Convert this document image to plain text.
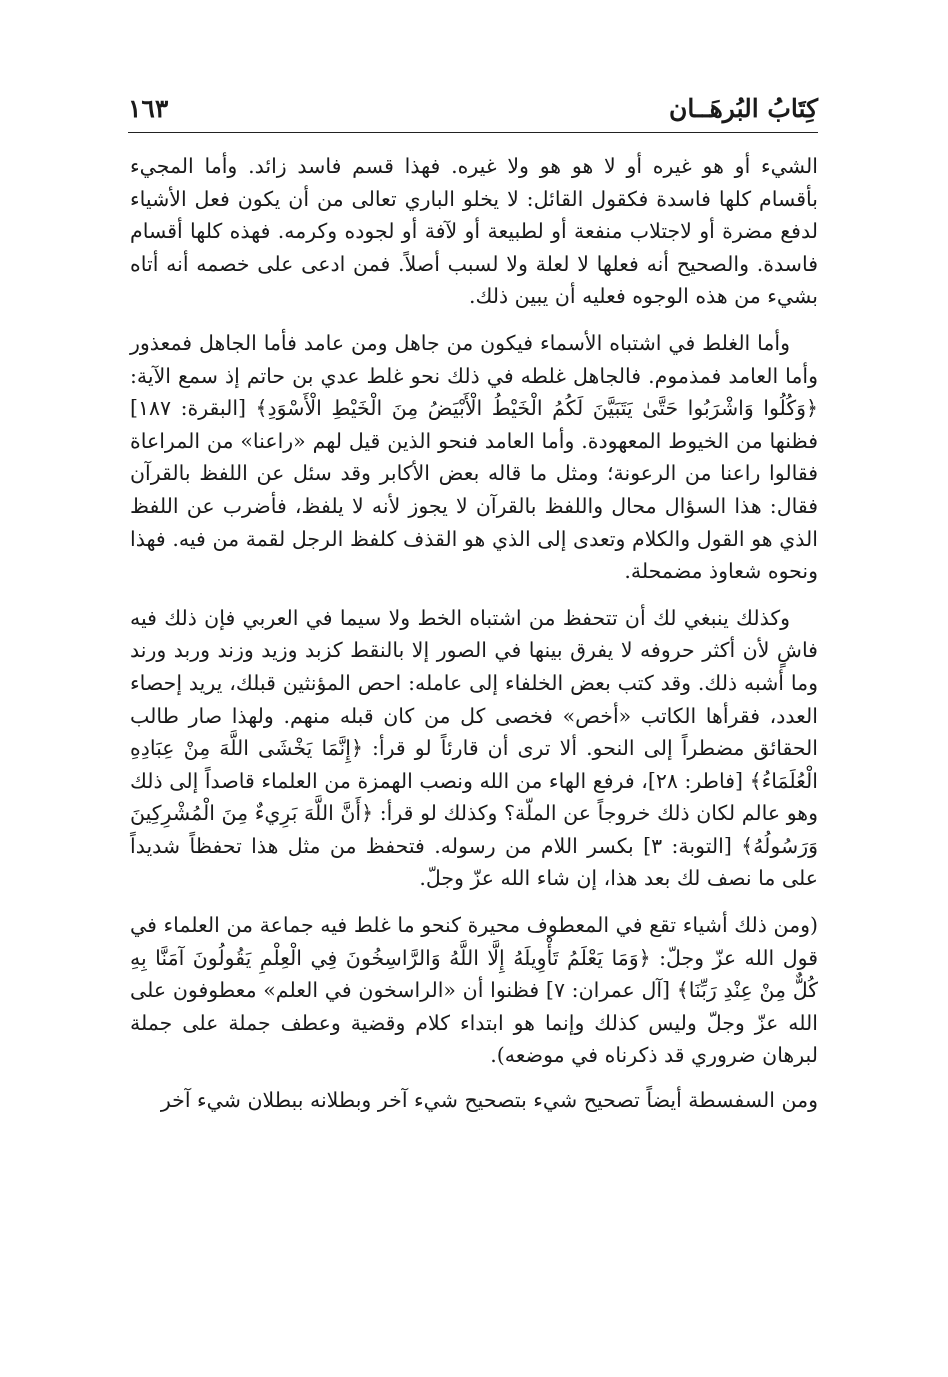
كِتَابُ البُرهَــان
١٦٣

الشيء أو هو غيره أو لا هو هو ولا غيره. فهذا قسم فاسد زائد. وأما المجيء بأقسام كلها فاسدة فكقول القائل: لا يخلو الباري تعالى من أن يكون فعل الأشياء لدفع مضرة أو لاجتلاب منفعة أو لطبيعة أو لآفة أو لجوده وكرمه. فهذه كلها أقسام فاسدة. والصحيح أنه فعلها لا لعلة ولا لسبب أصلاً. فمن ادعى على خصمه أنه أتاه بشيء من هذه الوجوه فعليه أن يبين ذلك.

وأما الغلط في اشتباه الأسماء فيكون من جاهل ومن عامد فأما الجاهل فمعذور وأما العامد فمذموم. فالجاهل غلطه في ذلك نحو غلط عدي بن حاتم إذ سمع الآية: ﴿وَكُلُوا وَاشْرَبُوا حَتَّىٰ يَتَبَيَّنَ لَكُمُ الْخَيْطُ الْأَبْيَضُ مِنَ الْخَيْطِ الْأَسْوَدِ﴾ [البقرة: ١٨٧] فظنها من الخيوط المعهودة. وأما العامد فنحو الذين قيل لهم «راعنا» من المراعاة فقالوا راعنا من الرعونة؛ ومثل ما قاله بعض الأكابر وقد سئل عن اللفظ بالقرآن فقال: هذا السؤال محال واللفظ بالقرآن لا يجوز لأنه لا يلفظ، فأضرب عن اللفظ الذي هو القول والكلام وتعدى إلى الذي هو القذف كلفظ الرجل لقمة من فيه. فهذا ونحوه شعاوذ مضمحلة.

وكذلك ينبغي لك أن تتحفظ من اشتباه الخط ولا سيما في العربي فإن ذلك فيه فاشٍ لأن أكثر حروفه لا يفرق بينها في الصور إلا بالنقط كزبد وزيد وزند وربد ورند وما أشبه ذلك. وقد كتب بعض الخلفاء إلى عامله: احص المؤنثين قبلك، يريد إحصاء العدد، فقرأها الكاتب «أخص» فخصى كل من كان قبله منهم. ولهذا صار طالب الحقائق مضطراً إلى النحو. ألا ترى أن قارئاً لو قرأ: ﴿إِنَّمَا يَخْشَى اللَّهَ مِنْ عِبَادِهِ الْعُلَمَاءُ﴾ [فاطر: ٢٨]، فرفع الهاء من الله ونصب الهمزة من العلماء قاصداً إلى ذلك وهو عالم لكان ذلك خروجاً عن الملّة؟ وكذلك لو قرأ: ﴿أَنَّ اللَّهَ بَرِيءٌ مِنَ الْمُشْرِكِينَ وَرَسُولُهُ﴾ [التوبة: ٣] بكسر اللام من رسوله. فتحفظ من مثل هذا تحفظاً شديداً على ما نصف لك بعد هذا، إن شاء الله عزّ وجلّ.

(ومن ذلك أشياء تقع في المعطوف محيرة كنحو ما غلط فيه جماعة من العلماء في قول الله عزّ وجلّ: ﴿وَمَا يَعْلَمُ تَأْوِيلَهُ إِلَّا اللَّهُ وَالرَّاسِخُونَ فِي الْعِلْمِ يَقُولُونَ آمَنَّا بِهِ كُلٌّ مِنْ عِنْدِ رَبِّنَا﴾ [آل عمران: ٧] فظنوا أن «الراسخون في العلم» معطوفون على الله عزّ وجلّ وليس كذلك وإنما هو ابتداء كلام وقضية وعطف جملة على جملة لبرهان ضروري قد ذكرناه في موضعه).

ومن السفسطة أيضاً تصحيح شيء بتصحيح شيء آخر وبطلانه ببطلان شيء آخر
